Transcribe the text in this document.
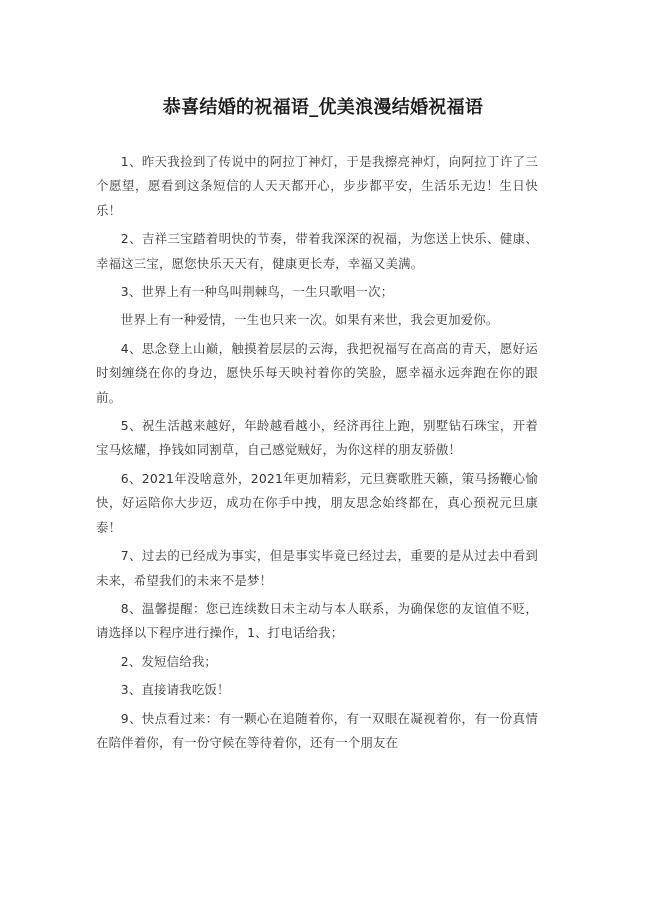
恭喜结婚的祝福语_优美浪漫结婚祝福语

1、昨天我捡到了传说中的阿拉丁神灯，于是我擦亮神灯，向阿拉丁许了三个愿望，愿看到这条短信的人天天都开心，步步都平安，生活乐无边！生日快乐！

2、吉祥三宝踏着明快的节奏，带着我深深的祝福，为您送上快乐、健康、幸福这三宝，愿您快乐天天有，健康更长寿，幸福又美满。

3、世界上有一种鸟叫荆棘鸟，一生只歌唱一次；

世界上有一种爱情，一生也只来一次。如果有来世，我会更加爱你。

4、思念登上山巅，触摸着层层的云海，我把祝福写在高高的青天，愿好运时刻缠绕在你的身边，愿快乐每天映衬着你的笑脸，愿幸福永远奔跑在你的跟前。

5、祝生活越来越好，年龄越看越小，经济再往上跑，别墅钻石珠宝，开着宝马炫耀，挣钱如同割草，自己感觉贼好，为你这样的朋友骄傲！

6、2021年没啥意外，2021年更加精彩，元旦赛歌胜天籁，策马扬鞭心愉快，好运陪你大步迈，成功在你手中拽，朋友思念始终都在，真心预祝元旦康泰！

7、过去的已经成为事实，但是事实毕竟已经过去，重要的是从过去中看到未来，希望我们的未来不是梦！

8、温馨提醒：您已连续数日未主动与本人联系，为确保您的友谊值不贬，请选择以下程序进行操作，1、打电话给我；

2、发短信给我；

3、直接请我吃饭！

9、快点看过来：有一颗心在追随着你，有一双眼在凝视着你，有一份真情在陪伴着你，有一份守候在等待着你，还有一个朋友在
